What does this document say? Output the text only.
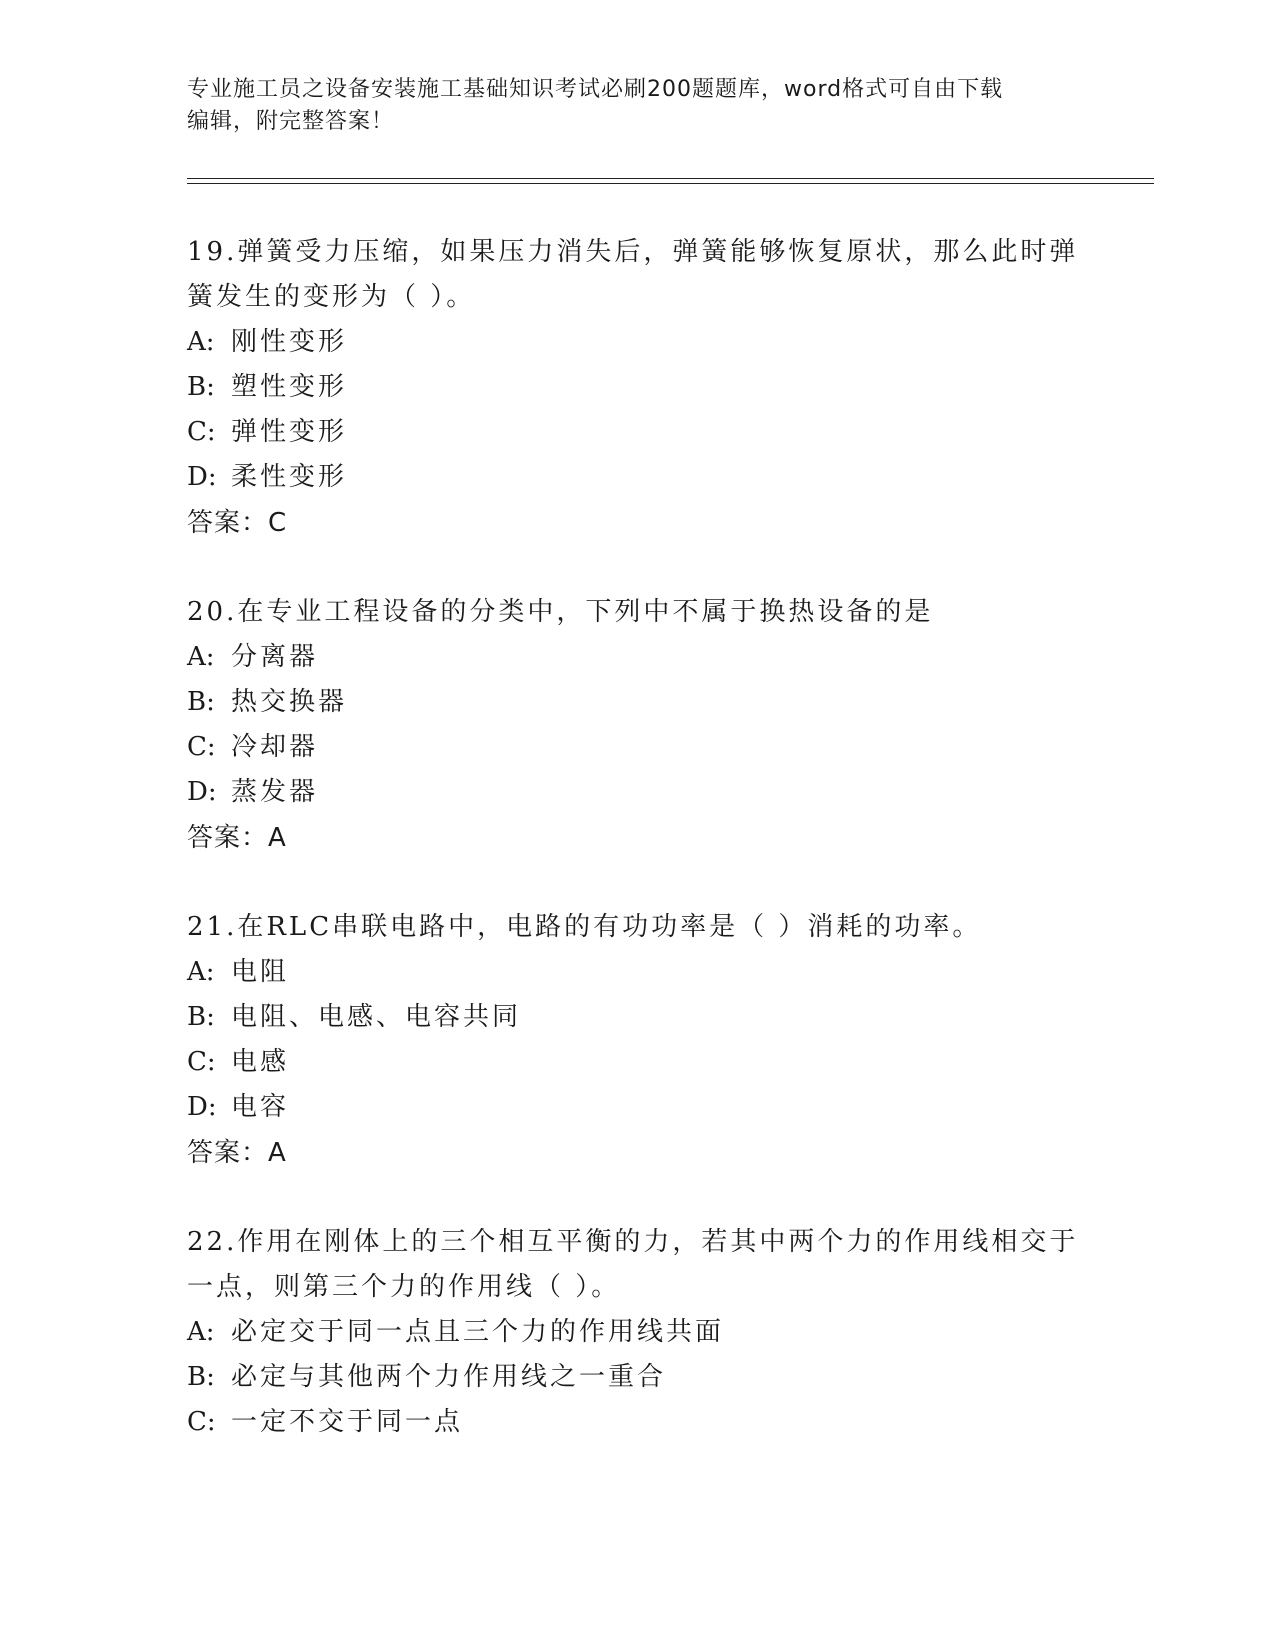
专业施工员之设备安装施工基础知识考试必刷200题题库，word格式可自由下载
编辑，附完整答案！

19.弹簧受力压缩，如果压力消失后，弹簧能够恢复原状，那么此时弹

簧发生的变形为（ ）。

A: 刚性变形

B: 塑性变形

C: 弹性变形

D: 柔性变形

答案：C

20.在专业工程设备的分类中，下列中不属于换热设备的是

A: 分离器

B: 热交换器

C: 冷却器

D: 蒸发器

答案：A

21.在RLC串联电路中，电路的有功功率是（ ）消耗的功率。

A: 电阻

B: 电阻、电感、电容共同

C: 电感

D: 电容

答案：A

22.作用在刚体上的三个相互平衡的力，若其中两个力的作用线相交于

一点，则第三个力的作用线（ ）。

A: 必定交于同一点且三个力的作用线共面

B: 必定与其他两个力作用线之一重合

C: 一定不交于同一点
